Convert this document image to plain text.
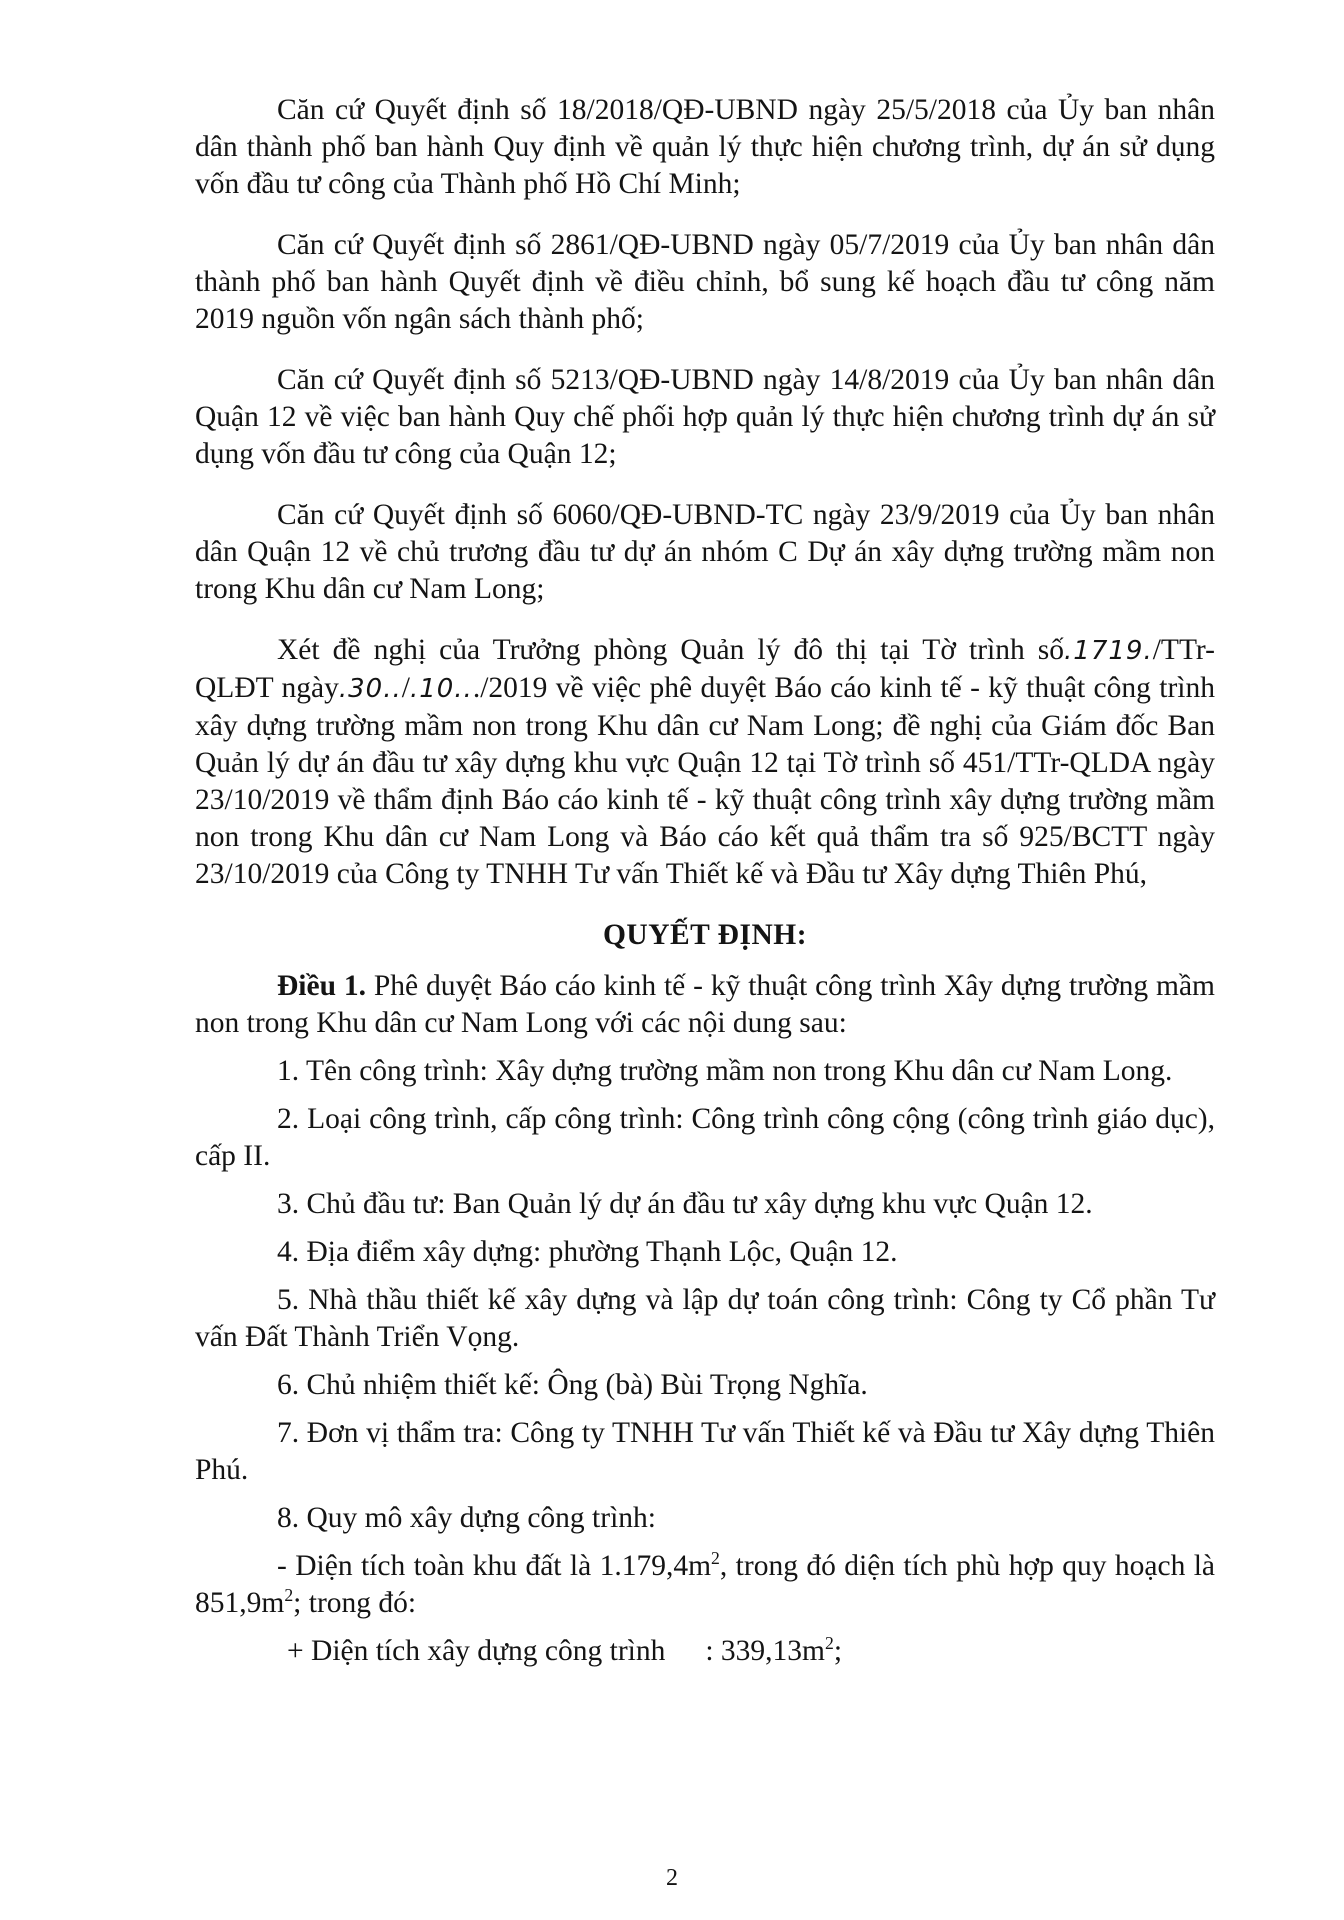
Căn cứ Quyết định số 18/2018/QĐ-UBND ngày 25/5/2018 của Ủy ban nhân dân thành phố ban hành Quy định về quản lý thực hiện chương trình, dự án sử dụng vốn đầu tư công của Thành phố Hồ Chí Minh;

Căn cứ Quyết định số 2861/QĐ-UBND ngày 05/7/2019 của Ủy ban nhân dân thành phố ban hành Quyết định về điều chỉnh, bổ sung kế hoạch đầu tư công năm 2019 nguồn vốn ngân sách thành phố;

Căn cứ Quyết định số 5213/QĐ-UBND ngày 14/8/2019 của Ủy ban nhân dân Quận 12 về việc ban hành Quy chế phối hợp quản lý thực hiện chương trình dự án sử dụng vốn đầu tư công của Quận 12;

Căn cứ Quyết định số 6060/QĐ-UBND-TC ngày 23/9/2019 của Ủy ban nhân dân Quận 12 về chủ trương đầu tư dự án nhóm C Dự án xây dựng trường mầm non trong Khu dân cư Nam Long;

Xét đề nghị của Trưởng phòng Quản lý đô thị tại Tờ trình số.1719./TTr-QLĐT ngày.30../.10.../2019 về việc phê duyệt Báo cáo kinh tế - kỹ thuật công trình xây dựng trường mầm non trong Khu dân cư Nam Long; đề nghị của Giám đốc Ban Quản lý dự án đầu tư xây dựng khu vực Quận 12 tại Tờ trình số 451/TTr-QLDA ngày 23/10/2019 về thẩm định Báo cáo kinh tế - kỹ thuật công trình xây dựng trường mầm non trong Khu dân cư Nam Long và Báo cáo kết quả thẩm tra số 925/BCTT ngày 23/10/2019 của Công ty TNHH Tư vấn Thiết kế và Đầu tư Xây dựng Thiên Phú,

QUYẾT ĐỊNH:

Điều 1. Phê duyệt Báo cáo kinh tế - kỹ thuật công trình Xây dựng trường mầm non trong Khu dân cư Nam Long với các nội dung sau:

1. Tên công trình: Xây dựng trường mầm non trong Khu dân cư Nam Long.

2. Loại công trình, cấp công trình: Công trình công cộng (công trình giáo dục), cấp II.

3. Chủ đầu tư: Ban Quản lý dự án đầu tư xây dựng khu vực Quận 12.

4. Địa điểm xây dựng: phường Thạnh Lộc, Quận 12.

5. Nhà thầu thiết kế xây dựng và lập dự toán công trình: Công ty Cổ phần Tư vấn Đất Thành Triển Vọng.

6. Chủ nhiệm thiết kế: Ông (bà) Bùi Trọng Nghĩa.

7. Đơn vị thẩm tra: Công ty TNHH Tư vấn Thiết kế và Đầu tư Xây dựng Thiên Phú.

8. Quy mô xây dựng công trình:

- Diện tích toàn khu đất là $1.179,4m^2$, trong đó diện tích phù hợp quy hoạch là $851,9m^2$; trong đó:

+ Diện tích xây dựng công trình : $339,13m^2$;

2
